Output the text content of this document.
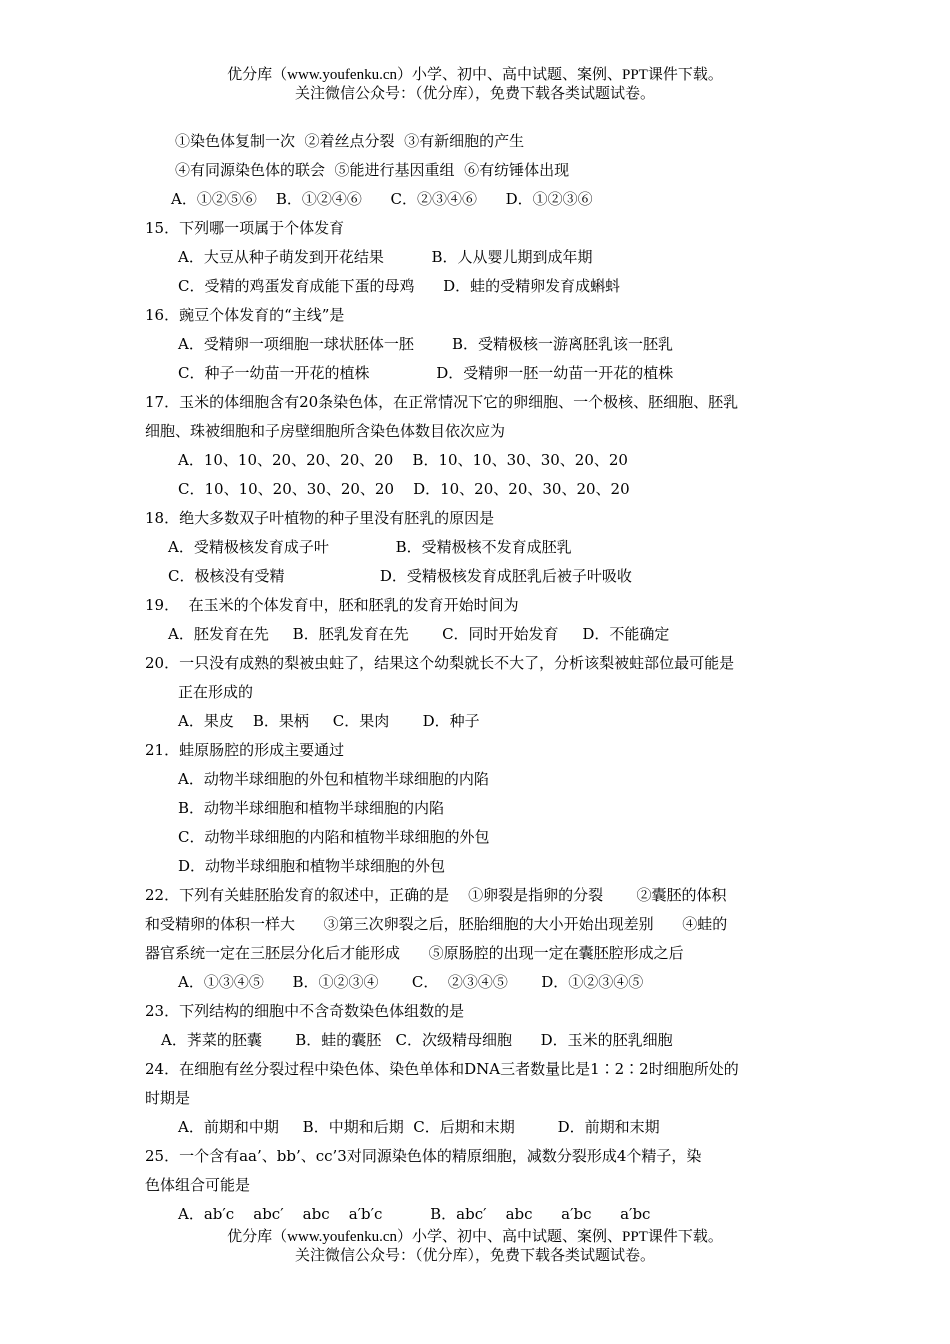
优分库（www.youfenku.cn）小学、初中、高中试题、案例、PPT课件下载。
关注微信公众号：（优分库），免费下载各类试题试卷。
①染色体复制一次  ②着丝点分裂  ③有新细胞的产生
④有同源染色体的联会  ⑤能进行基因重组  ⑥有纺锤体出现
A．①②⑤⑥    B．①②④⑥      C．②③④⑥      D．①②③⑥
15．下列哪一项属于个体发育
A．大豆从种子萌发到开花结果          B．人从婴儿期到成年期
C．受精的鸡蛋发育成能下蛋的母鸡      D．蛙的受精卵发育成蝌蚪
16．豌豆个体发育的“主线”是
A．受精卵一项细胞一球状胚体一胚        B．受精极核一游离胚乳该一胚乳
C．种子一幼苗一开花的植株              D．受精卵一胚一幼苗一开花的植株
17．玉米的体细胞含有20条染色体，在正常情况下它的卵细胞、一个极核、胚细胞、胚乳
细胞、珠被细胞和子房壁细胞所含染色体数目依次应为
A．10、10、20、20、20、20    B．10、10、30、30、20、20
C．10、10、20、30、20、20    D．10、20、20、30、20、20
18．绝大多数双子叶植物的种子里没有胚乳的原因是
A．受精极核发育成子叶              B．受精极核不发育成胚乳
C．极核没有受精                    D．受精极核发育成胚乳后被子叶吸收
19．  在玉米的个体发育中，胚和胚乳的发育开始时间为
A．胚发育在先     B．胚乳发育在先       C．同时开始发育     D．不能确定
20．一只没有成熟的梨被虫蛀了，结果这个幼梨就长不大了，分析该梨被蛀部位最可能是
正在形成的
A．果皮    B．果柄     C．果肉       D．种子
21．蛙原肠腔的形成主要通过
A．动物半球细胞的外包和植物半球细胞的内陷
B．动物半球细胞和植物半球细胞的内陷
C．动物半球细胞的内陷和植物半球细胞的外包
D．动物半球细胞和植物半球细胞的外包
22．下列有关蛙胚胎发育的叙述中，正确的是    ①卵裂是指卵的分裂       ②囊胚的体积
和受精卵的体积一样大      ③第三次卵裂之后，胚胎细胞的大小开始出现差别      ④蛙的
器官系统一定在三胚层分化后才能形成      ⑤原肠腔的出现一定在囊胚腔形成之后
A．①③④⑤      B．①②③④       C．  ②③④⑤       D．①②③④⑤
23．下列结构的细胞中不含奇数染色体组数的是
A．荠菜的胚囊       B．蛙的囊胚   C．次级精母细胞      D．玉米的胚乳细胞
24．在细胞有丝分裂过程中染色体、染色单体和DNA三者数量比是1∶2∶2时细胞所处的
时期是
A．前期和中期     B．中期和后期  C．后期和末期         D．前期和末期
25．一个含有aa’、bb’、cc’3对同源染色体的精原细胞，减数分裂形成4个精子，染
色体组合可能是
A．ab′c    abc′    abc    a′b′c          B．abc′    abc      a′bc      a′bc
优分库（www.youfenku.cn）小学、初中、高中试题、案例、PPT课件下载。
关注微信公众号：（优分库），免费下载各类试题试卷。
